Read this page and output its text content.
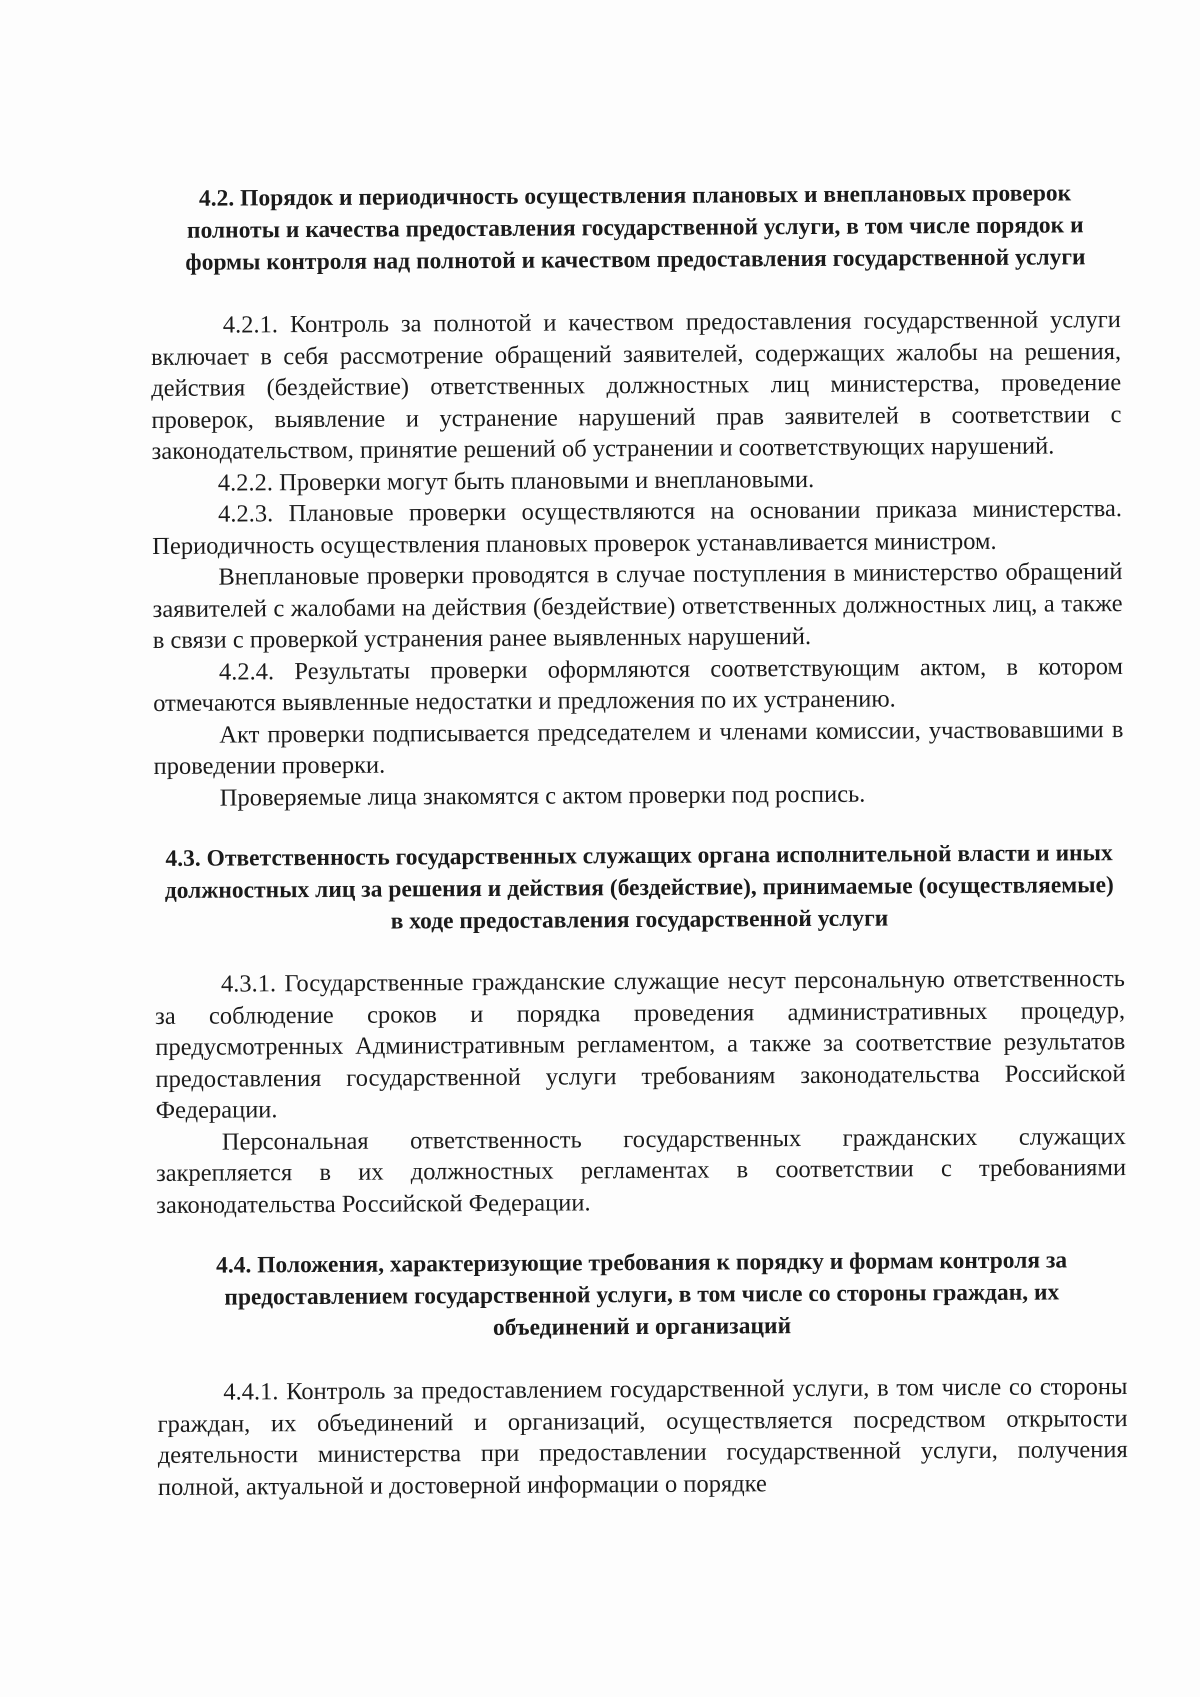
4.2. Порядок и периодичность осуществления плановых и внеплановых проверок полноты и качества предоставления государственной услуги, в том числе порядок и формы контроля над полнотой и качеством предоставления государственной услуги

4.2.1. Контроль за полнотой и качеством предоставления государственной услуги включает в себя рассмотрение обращений заявителей, содержащих жалобы на решения, действия (бездействие) ответственных должностных лиц министерства, проведение проверок, выявление и устранение нарушений прав заявителей в соответствии с законодательством, принятие решений об устранении и соответствующих нарушений.

4.2.2. Проверки могут быть плановыми и внеплановыми.

4.2.3. Плановые проверки осуществляются на основании приказа министерства. Периодичность осуществления плановых проверок устанавливается министром.

Внеплановые проверки проводятся в случае поступления в министерство обращений заявителей с жалобами на действия (бездействие) ответственных должностных лиц, а также в связи с проверкой устранения ранее выявленных нарушений.

4.2.4. Результаты проверки оформляются соответствующим актом, в котором отмечаются выявленные недостатки и предложения по их устранению.

Акт проверки подписывается председателем и членами комиссии, участвовавшими в проведении проверки.

Проверяемые лица знакомятся с актом проверки под роспись.

4.3. Ответственность государственных служащих органа исполнительной власти и иных должностных лиц за решения и действия (бездействие), принимаемые (осуществляемые) в ходе предоставления государственной услуги

4.3.1. Государственные гражданские служащие несут персональную ответственность за соблюдение сроков и порядка проведения административных процедур, предусмотренных Административным регламентом, а также за соответствие результатов предоставления государственной услуги требованиям законодательства Российской Федерации.

Персональная ответственность государственных гражданских служащих закрепляется в их должностных регламентах в соответствии с требованиями законодательства Российской Федерации.

4.4. Положения, характеризующие требования к порядку и формам контроля за предоставлением государственной услуги, в том числе со стороны граждан, их объединений и организаций

4.4.1. Контроль за предоставлением государственной услуги, в том числе со стороны граждан, их объединений и организаций, осуществляется посредством открытости деятельности министерства при предоставлении государственной услуги, получения полной, актуальной и достоверной информации о порядке
